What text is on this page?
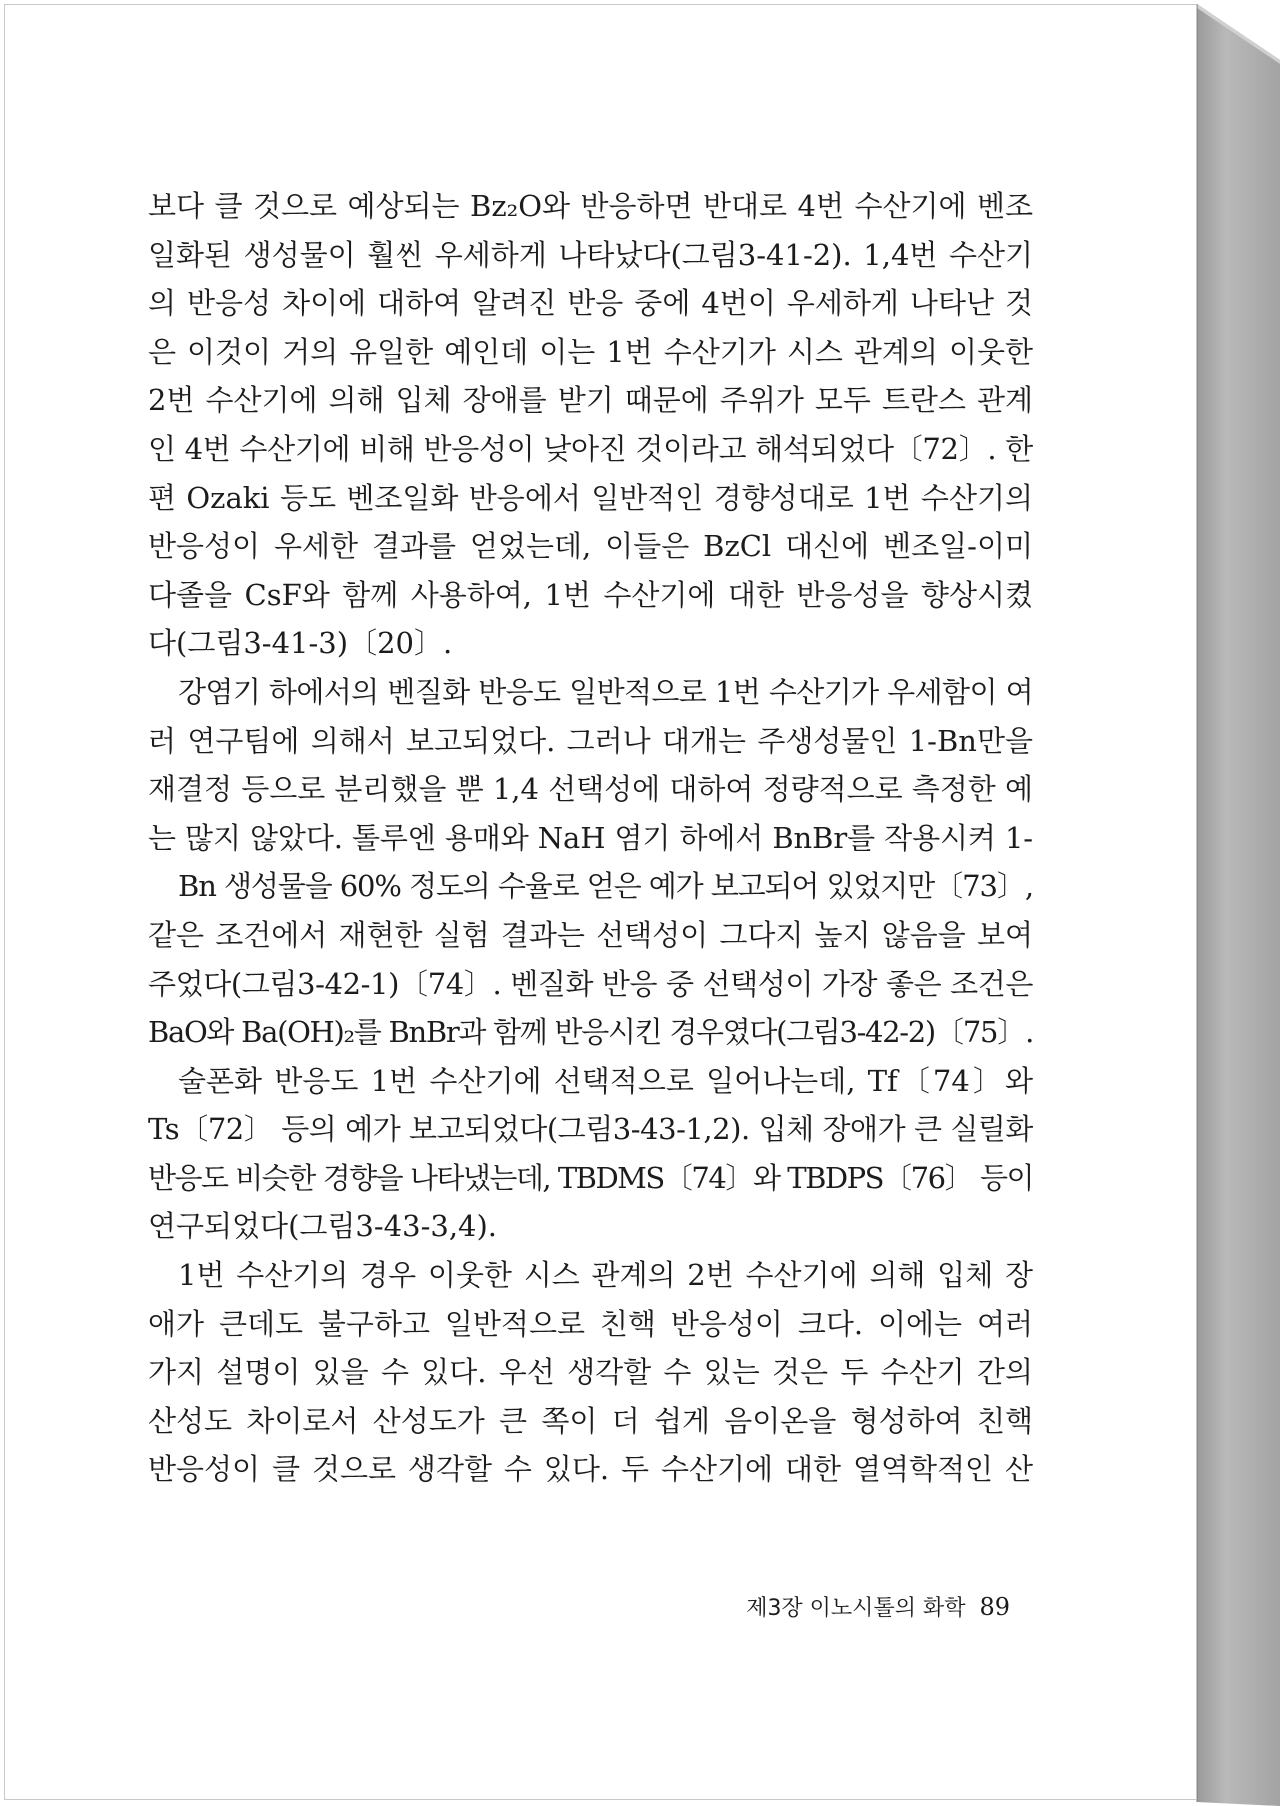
보다 클 것으로 예상되는 Bz₂O와 반응하면 반대로 4번 수산기에 벤조
일화된 생성물이 훨씬 우세하게 나타났다(그림3-41-2). 1,4번 수산기
의 반응성 차이에 대하여 알려진 반응 중에 4번이 우세하게 나타난 것
은 이것이 거의 유일한 예인데 이는 1번 수산기가 시스 관계의 이웃한
2번 수산기에 의해 입체 장애를 받기 때문에 주위가 모두 트란스 관계
인 4번 수산기에 비해 반응성이 낮아진 것이라고 해석되었다〔72〕. 한
편 Ozaki 등도 벤조일화 반응에서 일반적인 경향성대로 1번 수산기의
반응성이 우세한 결과를 얻었는데, 이들은 BzCl 대신에 벤조일-이미
다졸을 CsF와 함께 사용하여, 1번 수산기에 대한 반응성을 향상시켰
다(그림3-41-3)〔20〕.
강염기 하에서의 벤질화 반응도 일반적으로 1번 수산기가 우세함이 여
러 연구팀에 의해서 보고되었다. 그러나 대개는 주생성물인 1-Bn만을
재결정 등으로 분리했을 뿐 1,4 선택성에 대하여 정량적으로 측정한 예
는 많지 않았다. 톨루엔 용매와 NaH 염기 하에서 BnBr를 작용시켜 1-
Bn 생성물을 60% 정도의 수율로 얻은 예가 보고되어 있었지만〔73〕,
같은 조건에서 재현한 실험 결과는 선택성이 그다지 높지 않음을 보여
주었다(그림3-42-1)〔74〕. 벤질화 반응 중 선택성이 가장 좋은 조건은
BaO와 Ba(OH)₂를 BnBr과 함께 반응시킨 경우였다(그림3-42-2)〔75〕.
술폰화 반응도 1번 수산기에 선택적으로 일어나는데, Tf〔74〕와
Ts〔72〕 등의 예가 보고되었다(그림3-43-1,2). 입체 장애가 큰 실릴화
반응도 비슷한 경향을 나타냈는데, TBDMS〔74〕와 TBDPS〔76〕 등이
연구되었다(그림3-43-3,4).
1번 수산기의 경우 이웃한 시스 관계의 2번 수산기에 의해 입체 장
애가 큰데도 불구하고 일반적으로 친핵 반응성이 크다. 이에는 여러
가지 설명이 있을 수 있다. 우선 생각할 수 있는 것은 두 수산기 간의
산성도 차이로서 산성도가 큰 쪽이 더 쉽게 음이온을 형성하여 친핵
반응성이 클 것으로 생각할 수 있다. 두 수산기에 대한 열역학적인 산
제3장 이노시톨의 화학 89
